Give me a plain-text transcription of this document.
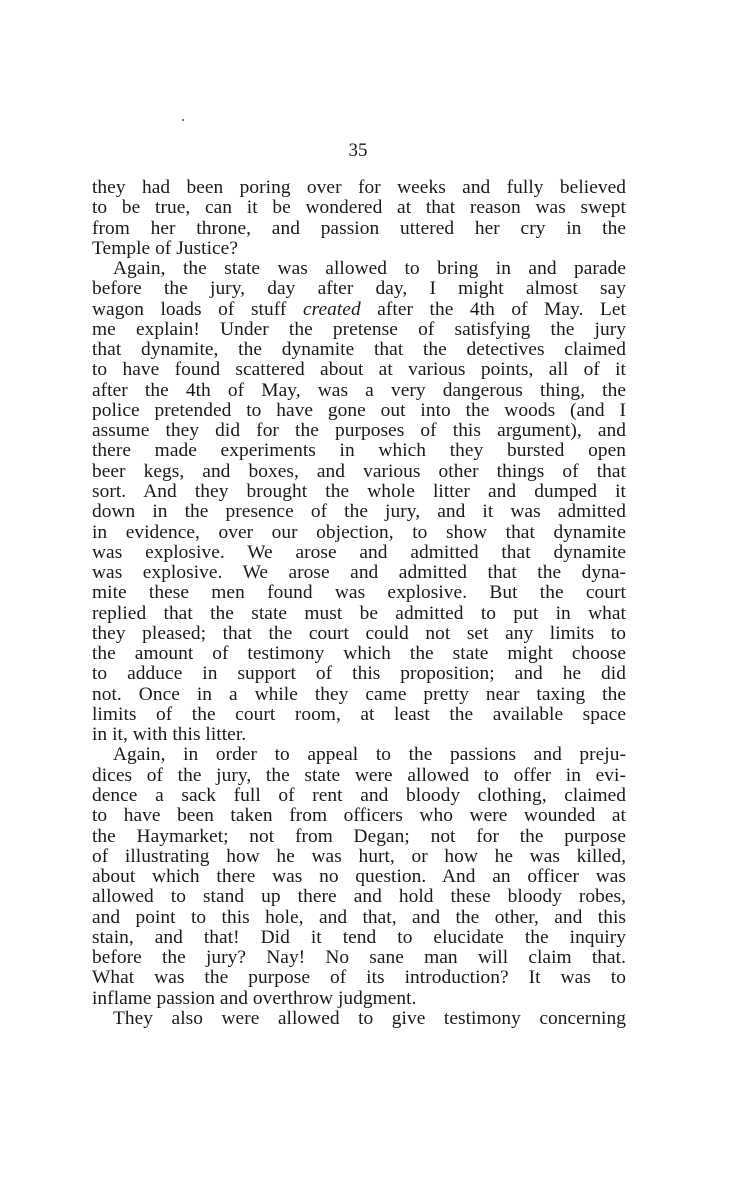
35
they had been poring over for weeks and fully believed
to be true, can it be wondered at that reason was swept
from her throne, and passion uttered her cry in the
Temple of Justice?
Again, the state was allowed to bring in and parade
before the jury, day after day, I might almost say
wagon loads of stuff created after the 4th of May. Let
me explain! Under the pretense of satisfying the jury
that dynamite, the dynamite that the detectives claimed
to have found scattered about at various points, all of it
after the 4th of May, was a very dangerous thing, the
police pretended to have gone out into the woods (and I
assume they did for the purposes of this argument), and
there made experiments in which they bursted open
beer kegs, and boxes, and various other things of that
sort. And they brought the whole litter and dumped it
down in the presence of the jury, and it was admitted
in evidence, over our objection, to show that dynamite
was explosive. We arose and admitted that dynamite
was explosive. We arose and admitted that the dyna-
mite these men found was explosive. But the court
replied that the state must be admitted to put in what
they pleased; that the court could not set any limits to
the amount of testimony which the state might choose
to adduce in support of this proposition; and he did
not. Once in a while they came pretty near taxing the
limits of the court room, at least the available space
in it, with this litter.
Again, in order to appeal to the passions and preju-
dices of the jury, the state were allowed to offer in evi-
dence a sack full of rent and bloody clothing, claimed
to have been taken from officers who were wounded at
the Haymarket; not from Degan; not for the purpose
of illustrating how he was hurt, or how he was killed,
about which there was no question. And an officer was
allowed to stand up there and hold these bloody robes,
and point to this hole, and that, and the other, and this
stain, and that! Did it tend to elucidate the inquiry
before the jury? Nay! No sane man will claim that.
What was the purpose of its introduction? It was to
inflame passion and overthrow judgment.
They also were allowed to give testimony concerning
